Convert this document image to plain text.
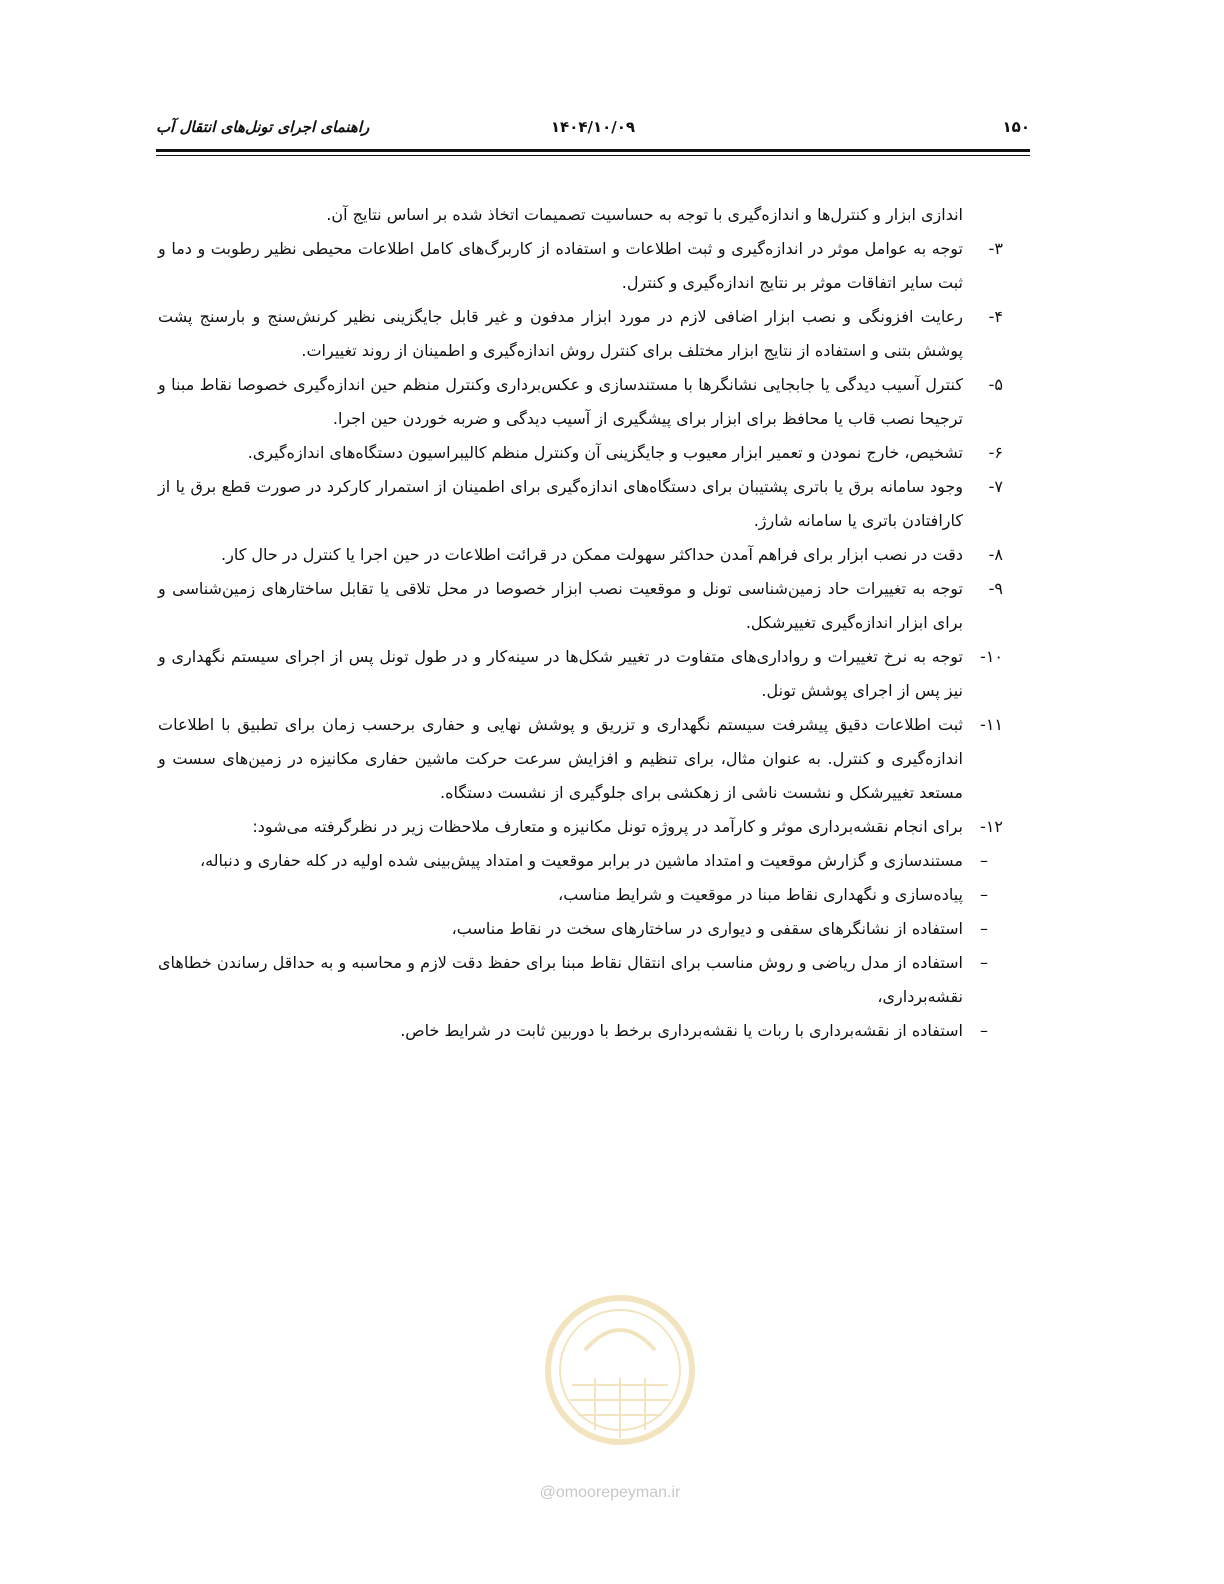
۱۵۰
۱۴۰۴/۱۰/۰۹
راهنمای اجرای تونل‌های انتقال آب

اندازی ابزار و کنترل‌ها و اندازه‌گیری با توجه به حساسیت تصمیمات اتخاذ شده بر اساس نتایج آن.

۳-
توجه به عوامل موثر در اندازه‌گیری و ثبت اطلاعات و استفاده از کاربرگ‌های کامل اطلاعات محیطی نظیر رطوبت و دما و ثبت سایر اتفاقات موثر بر نتایج اندازه‌گیری و کنترل.
۴-
رعایت افزونگی و نصب ابزار اضافی لازم در مورد ابزار مدفون و غیر قابل جایگزینی نظیر کرنش‌سنج و بارسنج پشت پوشش بتنی و استفاده از نتایج ابزار مختلف برای کنترل روش اندازه‌گیری و اطمینان از روند تغییرات.
۵-
کنترل آسیب دیدگی یا جابجایی نشانگرها با مستندسازی و عکس‌برداری وکنترل منظم حین اندازه‌گیری خصوصا نقاط مبنا و ترجیحا نصب قاب یا محافظ برای ابزار برای پیشگیری از آسیب دیدگی و ضربه خوردن حین اجرا.
۶-
تشخیص، خارج نمودن و تعمیر ابزار معیوب و جایگزینی آن وکنترل منظم کالیبراسیون دستگاه‌های اندازه‌گیری.
۷-
وجود سامانه برق یا باتری پشتیبان برای دستگاه‌های اندازه‌گیری برای اطمینان از استمرار کارکرد در صورت قطع برق یا از کارافتادن باتری یا سامانه شارژ.
۸-
دقت در نصب ابزار برای فراهم آمدن حداکثر سهولت ممکن در قرائت اطلاعات در حین اجرا یا کنترل در حال کار.
۹-
توجه به تغییرات حاد زمین‌شناسی تونل و موقعیت نصب ابزار خصوصا در محل تلاقی یا تقابل ساختارهای زمین‌شناسی و برای ابزار اندازه‌گیری تغییرشکل.
۱۰-
توجه به نرخ تغییرات و رواداری‌های متفاوت در تغییر شکل‌ها در سینه‌کار و در طول تونل پس از اجرای سیستم نگهداری و نیز پس از اجرای پوشش تونل.
۱۱-
ثبت اطلاعات دقیق پیشرفت سیستم نگهداری و تزریق و پوشش نهایی و حفاری برحسب زمان برای تطبیق با اطلاعات اندازه‌گیری و کنترل. به عنوان مثال، برای تنظیم و افزایش سرعت حرکت ماشین حفاری مکانیزه در زمین‌های سست و مستعد تغییرشکل و نشست ناشی از زهکشی برای جلوگیری از نشست دستگاه.
۱۲-
برای انجام نقشه‌برداری موثر و کارآمد در پروژه تونل مکانیزه و متعارف ملاحظات زیر در نظرگرفته می‌شود:
–
مستندسازی و گزارش موقعیت و امتداد ماشین در برابر موقعیت و امتداد پیش‌بینی شده اولیه در کله حفاری و دنباله،
–
پیاده‌سازی و نگهداری نقاط مبنا در موقعیت و شرایط مناسب،
–
استفاده از نشانگرهای سقفی و دیواری در ساختارهای سخت در نقاط مناسب،
–
استفاده از مدل ریاضی و روش مناسب برای انتقال نقاط مبنا برای حفظ دقت لازم و محاسبه و به حداقل رساندن خطاهای نقشه‌برداری،
–
استفاده از نقشه‌برداری با ربات یا نقشه‌برداری برخط با دوربین ثابت در شرایط خاص.
@omoorepeyman.ir
